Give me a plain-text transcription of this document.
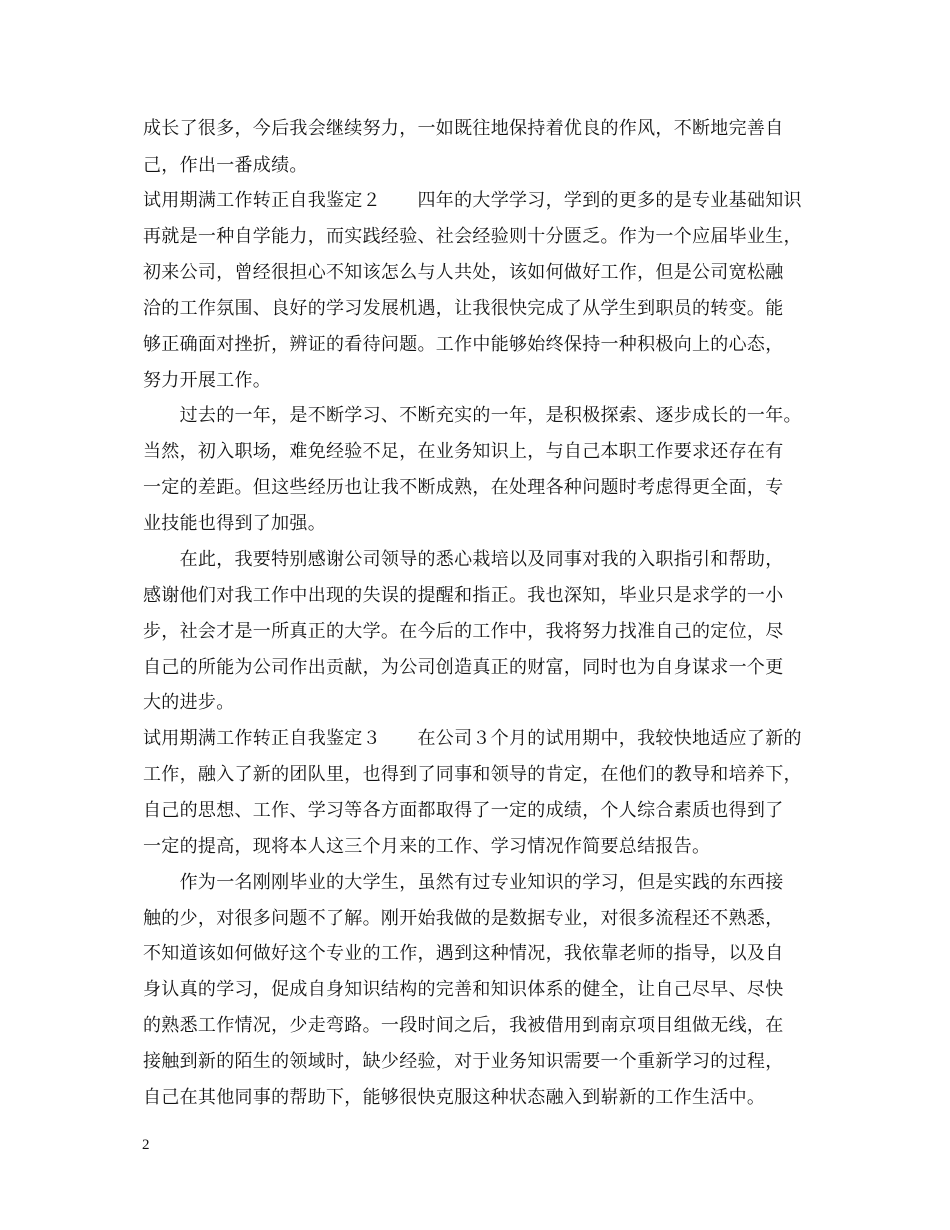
成长了很多，今后我会继续努力，一如既往地保持着优良的作风，不断地完善自
己，作出一番成绩。
试用期满工作转正自我鉴定２　　四年的大学学习，学到的更多的是专业基础知识
再就是一种自学能力，而实践经验、社会经验则十分匮乏。作为一个应届毕业生，
初来公司，曾经很担心不知该怎么与人共处，该如何做好工作，但是公司宽松融
洽的工作氛围、良好的学习发展机遇，让我很快完成了从学生到职员的转变。能
够正确面对挫折，辨证的看待问题。工作中能够始终保持一种积极向上的心态，
努力开展工作。
　　过去的一年，是不断学习、不断充实的一年，是积极探索、逐步成长的一年。
当然，初入职场，难免经验不足，在业务知识上，与自己本职工作要求还存在有
一定的差距。但这些经历也让我不断成熟，在处理各种问题时考虑得更全面，专
业技能也得到了加强。
　　在此，我要特别感谢公司领导的悉心栽培以及同事对我的入职指引和帮助，
感谢他们对我工作中出现的失误的提醒和指正。我也深知，毕业只是求学的一小
步，社会才是一所真正的大学。在今后的工作中，我将努力找准自己的定位，尽
自己的所能为公司作出贡献，为公司创造真正的财富，同时也为自身谋求一个更
大的进步。
试用期满工作转正自我鉴定３　　在公司３个月的试用期中，我较快地适应了新的
工作，融入了新的团队里，也得到了同事和领导的肯定，在他们的教导和培养下，
自己的思想、工作、学习等各方面都取得了一定的成绩，个人综合素质也得到了
一定的提高，现将本人这三个月来的工作、学习情况作简要总结报告。
　　作为一名刚刚毕业的大学生，虽然有过专业知识的学习，但是实践的东西接
触的少，对很多问题不了解。刚开始我做的是数据专业，对很多流程还不熟悉，
不知道该如何做好这个专业的工作，遇到这种情况，我依靠老师的指导，以及自
身认真的学习，促成自身知识结构的完善和知识体系的健全，让自己尽早、尽快
的熟悉工作情况，少走弯路。一段时间之后，我被借用到南京项目组做无线，在
接触到新的陌生的领域时，缺少经验，对于业务知识需要一个重新学习的过程，
自己在其他同事的帮助下，能够很快克服这种状态融入到崭新的工作生活中。
2
